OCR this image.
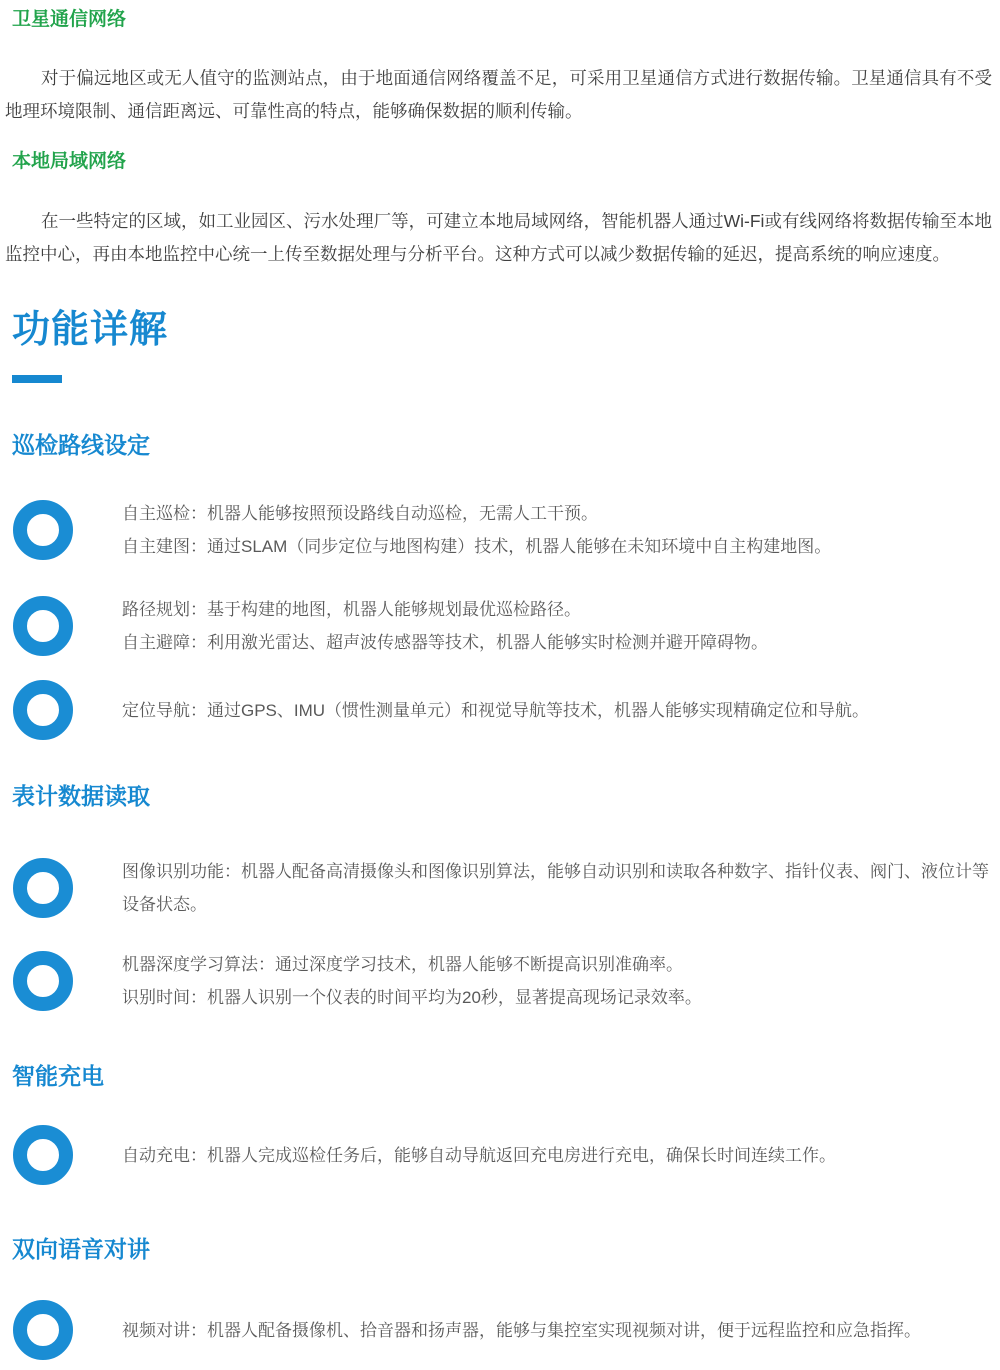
卫星通信网络

对于偏远地区或无人值守的监测站点，由于地面通信网络覆盖不足，可采用卫星通信方式进行数据传输。卫星通信具有不受地理环境限制、通信距离远、可靠性高的特点，能够确保数据的顺利传输。

本地局域网络

在一些特定的区域，如工业园区、污水处理厂等，可建立本地局域网络，智能机器人通过Wi-Fi或有线网络将数据传输至本地监控中心，再由本地监控中心统一上传至数据处理与分析平台。这种方式可以减少数据传输的延迟，提高系统的响应速度。

功能详解
巡检路线设定
自主巡检：机器人能够按照预设路线自动巡检，无需人工干预。
自主建图：通过SLAM（同步定位与地图构建）技术，机器人能够在未知环境中自主构建地图。
路径规划：基于构建的地图，机器人能够规划最优巡检路径。
自主避障：利用激光雷达、超声波传感器等技术，机器人能够实时检测并避开障碍物。
定位导航：通过GPS、IMU（惯性测量单元）和视觉导航等技术，机器人能够实现精确定位和导航。
表计数据读取
图像识别功能：机器人配备高清摄像头和图像识别算法，能够自动识别和读取各种数字、指针仪表、阀门、液位计等设备状态。
机器深度学习算法：通过深度学习技术，机器人能够不断提高识别准确率。
识别时间：机器人识别一个仪表的时间平均为20秒，显著提高现场记录效率。
智能充电
自动充电：机器人完成巡检任务后，能够自动导航返回充电房进行充电，确保长时间连续工作。
双向语音对讲
视频对讲：机器人配备摄像机、拾音器和扬声器，能够与集控室实现视频对讲，便于远程监控和应急指挥。
